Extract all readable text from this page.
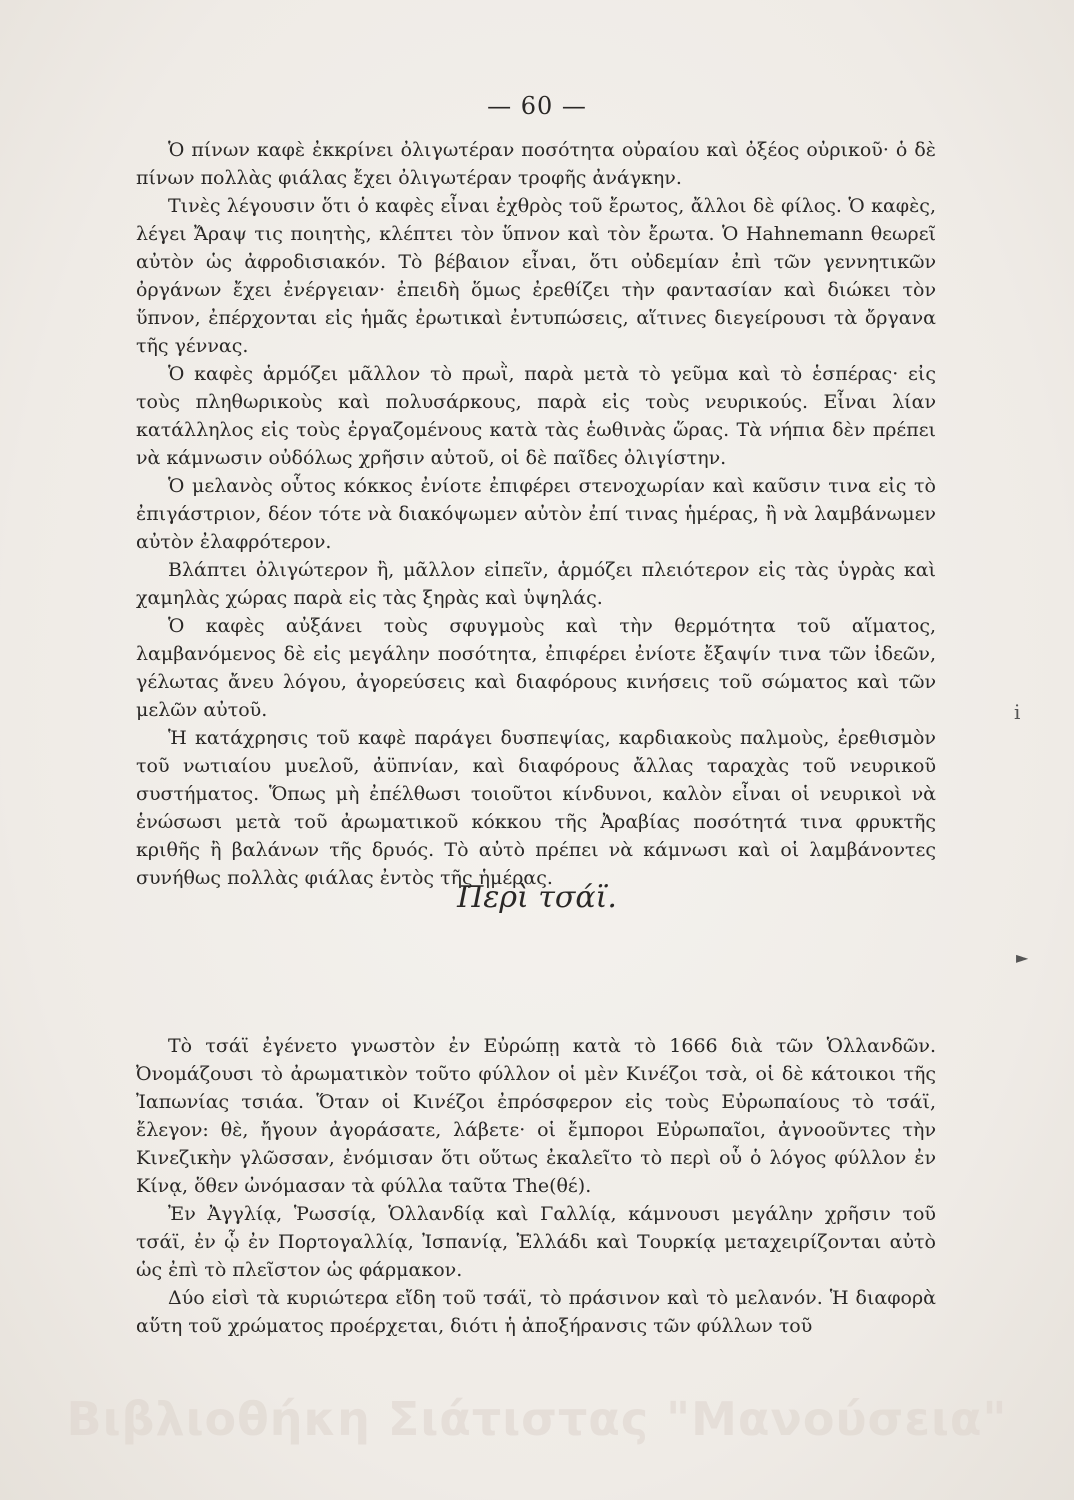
— 60 —

Ὁ πίνων καφὲ ἐκκρίνει ὀλιγωτέραν ποσότητα οὐραίου καὶ ὀξέος οὐρικοῦ· ὁ δὲ πίνων πολλὰς φιάλας ἔχει ὀλιγωτέραν τροφῆς ἀνάγκην.

Τινὲς λέγουσιν ὅτι ὁ καφὲς εἶναι ἐχθρὸς τοῦ ἔρωτος, ἄλλοι δὲ φίλος. Ὁ καφὲς, λέγει Ἄραψ τις ποιητὴς, κλέπτει τὸν ὕπνον καὶ τὸν ἔρωτα. Ὁ Hahnemann θεωρεῖ αὐτὸν ὡς ἀφροδισιακόν. Τὸ βέβαιον εἶναι, ὅτι οὐδεμίαν ἐπὶ τῶν γεννητικῶν ὀργάνων ἔχει ἐνέργειαν· ἐπειδὴ ὅμως ἐρεθίζει τὴν φαντασίαν καὶ διώκει τὸν ὕπνον, ἐπέρχονται εἰς ἡμᾶς ἐρωτικαὶ ἐντυπώσεις, αἵτινες διεγείρουσι τὰ ὄργανα τῆς γέννας.

Ὁ καφὲς ἁρμόζει μᾶλλον τὸ πρωῒ, παρὰ μετὰ τὸ γεῦμα καὶ τὸ ἑσπέρας· εἰς τοὺς πληθωρικοὺς καὶ πολυσάρκους, παρὰ εἰς τοὺς νευρικούς. Εἶναι λίαν κατάλληλος εἰς τοὺς ἐργαζομένους κατὰ τὰς ἑωθινὰς ὥρας. Τὰ νήπια δὲν πρέπει νὰ κάμνωσιν οὐδόλως χρῆσιν αὐτοῦ, οἱ δὲ παῖδες ὀλιγίστην.

Ὁ μελανὸς οὗτος κόκκος ἐνίοτε ἐπιφέρει στενοχωρίαν καὶ καῦσιν τινα εἰς τὸ ἐπιγάστριον, δέον τότε νὰ διακόψωμεν αὐτὸν ἐπί τινας ἡμέρας, ἢ νὰ λαμβάνωμεν αὐτὸν ἐλαφρότερον.

Βλάπτει ὀλιγώτερον ἢ, μᾶλλον εἰπεῖν, ἁρμόζει πλειότερον εἰς τὰς ὑγρὰς καὶ χαμηλὰς χώρας παρὰ εἰς τὰς ξηρὰς καὶ ὑψηλάς.

Ὁ καφὲς αὐξάνει τοὺς σφυγμοὺς καὶ τὴν θερμότητα τοῦ αἵματος, λαμβανόμενος δὲ εἰς μεγάλην ποσότητα, ἐπιφέρει ἐνίοτε ἔξαψίν τινα τῶν ἰδεῶν, γέλωτας ἄνευ λόγου, ἀγορεύσεις καὶ διαφόρους κινήσεις τοῦ σώματος καὶ τῶν μελῶν αὐτοῦ.

Ἡ κατάχρησις τοῦ καφὲ παράγει δυσπεψίας, καρδιακοὺς παλμοὺς, ἐρεθισμὸν τοῦ νωτιαίου μυελοῦ, ἀϋπνίαν, καὶ διαφόρους ἄλλας ταραχὰς τοῦ νευρικοῦ συστήματος. Ὅπως μὴ ἐπέλθωσι τοιοῦτοι κίνδυνοι, καλὸν εἶναι οἱ νευρικοὶ νὰ ἑνώσωσι μετὰ τοῦ ἀρωματικοῦ κόκκου τῆς Ἀραβίας ποσότητά τινα φρυκτῆς κριθῆς ἢ βαλάνων τῆς δρυός. Τὸ αὐτὸ πρέπει νὰ κάμνωσι καὶ οἱ λαμβάνοντες συνήθως πολλὰς φιάλας ἐντὸς τῆς ἡμέρας.

Περὶ τσάϊ.

Τὸ τσάϊ ἐγένετο γνωστὸν ἐν Εὐρώπῃ κατὰ τὸ 1666 διὰ τῶν Ὁλλανδῶν. Ὀνομάζουσι τὸ ἀρωματικὸν τοῦτο φύλλον οἱ μὲν Κινέζοι τσὰ, οἱ δὲ κάτοικοι τῆς Ἰαπωνίας τσιάα. Ὅταν οἱ Κινέζοι ἐπρόσφερον εἰς τοὺς Εὐρωπαίους τὸ τσάϊ, ἔλεγον: θὲ, ἤγουν ἀγοράσατε, λάβετε· οἱ ἔμποροι Εὐρωπαῖοι, ἀγνοοῦντες τὴν Κινεζικὴν γλῶσσαν, ἐνόμισαν ὅτι οὕτως ἐκαλεῖτο τὸ περὶ οὗ ὁ λόγος φύλλον ἐν Κίνᾳ, ὅθεν ὠνόμασαν τὰ φύλλα ταῦτα The(θέ).

Ἐν Ἀγγλίᾳ, Ῥωσσίᾳ, Ὁλλανδίᾳ καὶ Γαλλίᾳ, κάμνουσι μεγάλην χρῆσιν τοῦ τσάϊ, ἐν ᾧ ἐν Πορτογαλλίᾳ, Ἰσπανίᾳ, Ἑλλάδι καὶ Τουρκίᾳ μεταχειρίζονται αὐτὸ ὡς ἐπὶ τὸ πλεῖστον ὡς φάρμακον.

Δύο εἰσὶ τὰ κυριώτερα εἴδη τοῦ τσάϊ, τὸ πράσινον καὶ τὸ μελανόν. Ἡ διαφορὰ αὕτη τοῦ χρώματος προέρχεται, διότι ἡ ἀποξήρανσις τῶν φύλλων τοῦ

Βιβλιοθήκη Σιάτιστας "Μανούσεια"
ⅰ
►
